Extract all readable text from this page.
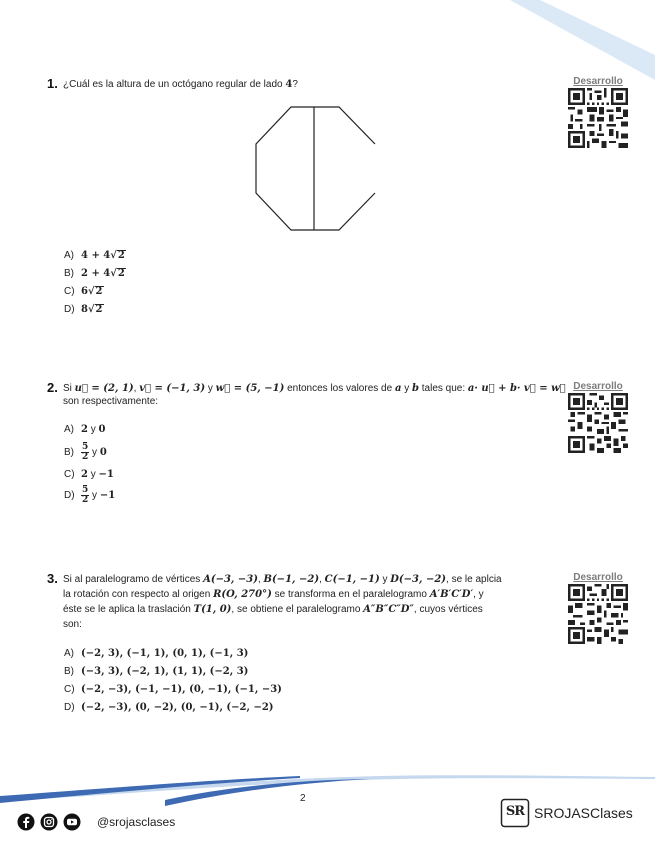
1. ¿Cuál es la altura de un octógano regular de lado 4?
A) 4 + 4√2
B) 2 + 4√2
C) 6√2
D) 8√2
Desarrollo
2. Si u⃗ = (2, 1), v⃗ = (−1, 3) y w⃗ = (5, −1) entonces los valores de a y b tales que: a· u⃗ + b· v⃗ = w⃗
son respectivamente:
A) 2 y 0
$B) \frac{5}{2}$ y 0
C) 2 y −1
$D) \frac{5}{2}$ y −1
Desarrollo
3. Si al paralelogramo de vértices A(−3, −3), B(−1, −2), C(−1, −1) y D(−3, −2), se le aplcia
la rotación con respecto al origen R(O, 270°) se transforma en el paralelogramo A′B′C′D′, y
éste se le aplica la traslación T(1, 0), se obtiene el paralelogramo A″B″C″D″, cuyos vértices
son:
A) (−2, 3), (−1, 1), (0, 1), (−1, 3)
B) (−3, 3), (−2, 1), (1, 1), (−2, 3)
C) (−2, −3), (−1, −1), (0, −1), (−1, −3)
D) (−2, −3), (0, −2), (0, −1), (−2, −2)
Desarrollo
2
@srojasclases
SR SROJASClases
